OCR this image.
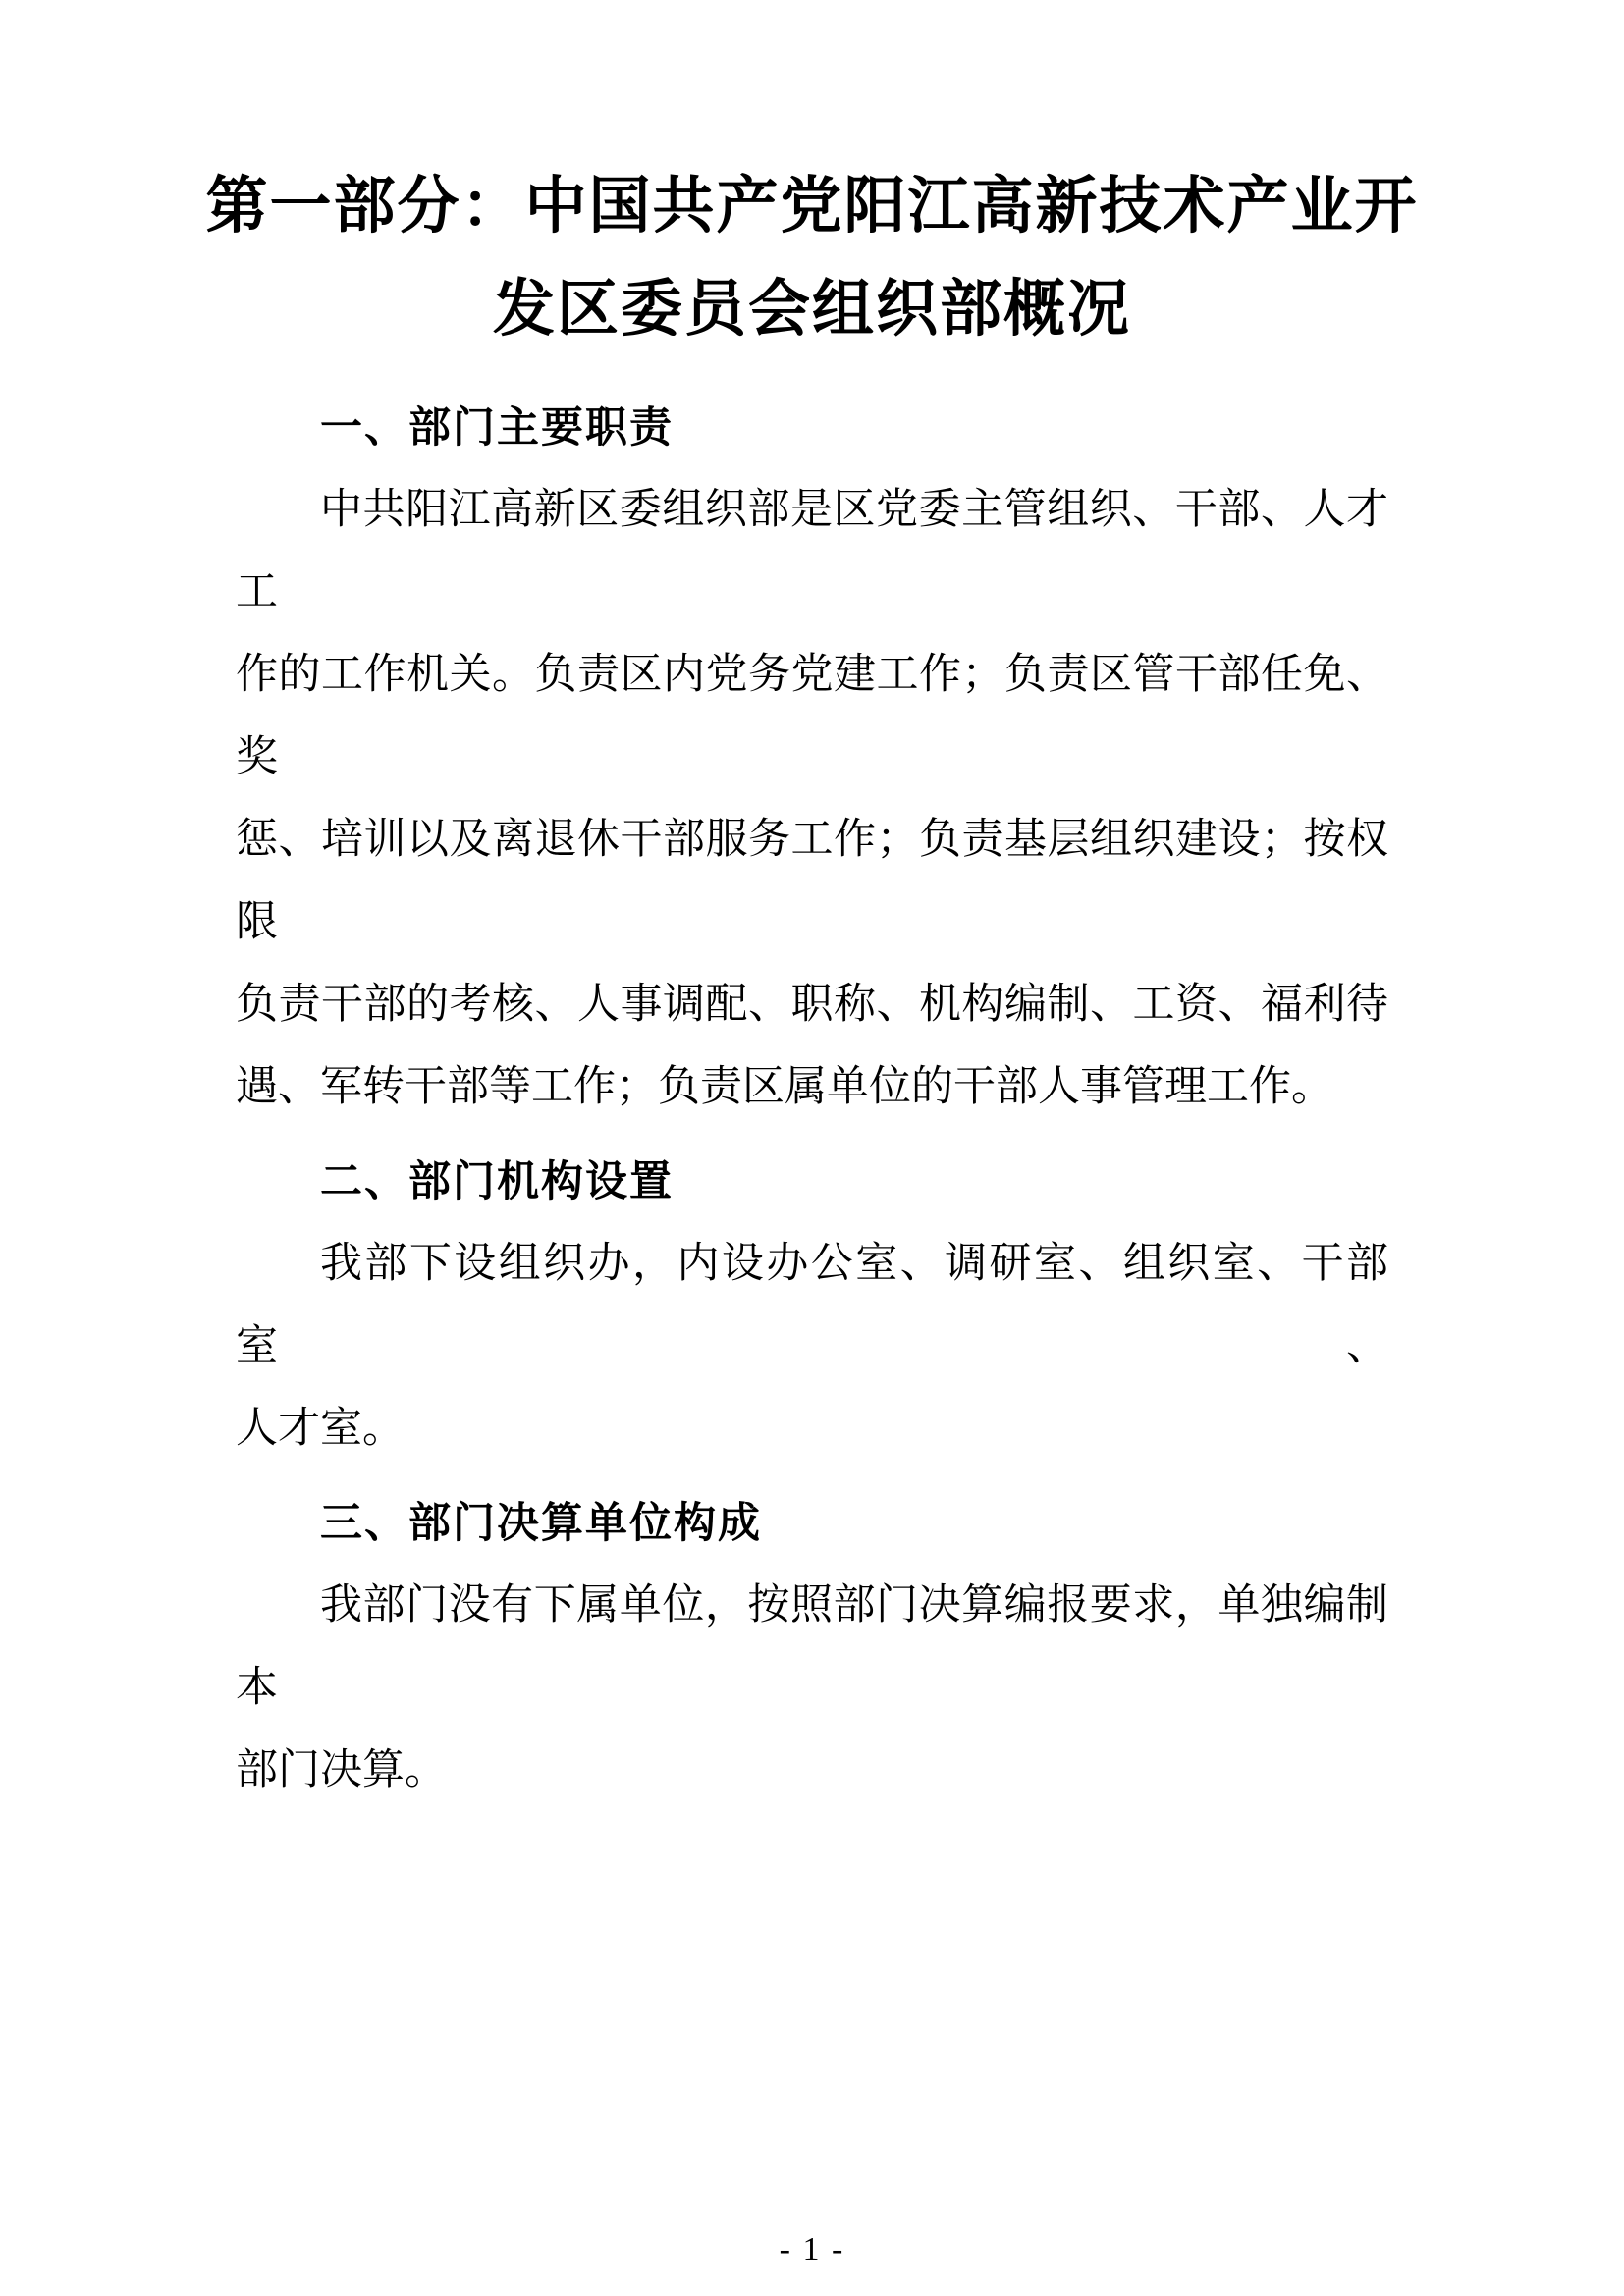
第一部分：中国共产党阳江高新技术产业开
发区委员会组织部概况
一、部门主要职责
中共阳江高新区委组织部是区党委主管组织、干部、人才工
作的工作机关。负责区内党务党建工作；负责区管干部任免、奖
惩、培训以及离退休干部服务工作；负责基层组织建设；按权限
负责干部的考核、人事调配、职称、机构编制、工资、福利待
遇、军转干部等工作；负责区属单位的干部人事管理工作。
二、部门机构设置
我部下设组织办，内设办公室、调研室、组织室、干部室、
人才室。
三、部门决算单位构成
我部门没有下属单位，按照部门决算编报要求，单独编制本
部门决算。
- 1 -
